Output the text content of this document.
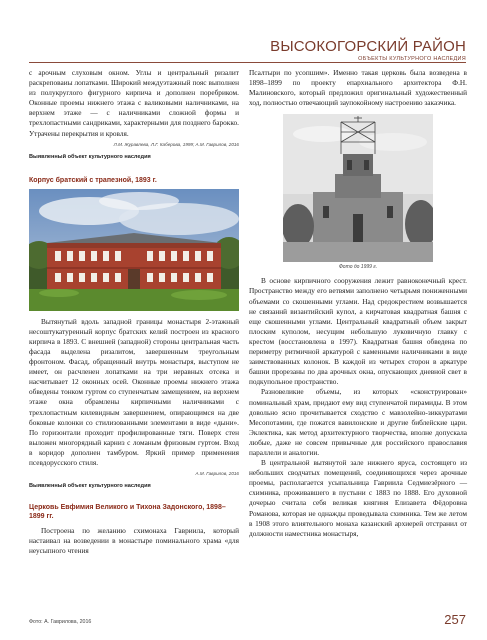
ВЫСОКОГОРСКИЙ РАЙОН
ОБЪЕКТЫ КУЛЬТУРНОГО НАСЛЕДИЯ

с арочным слуховым окном. Углы и центральный ризалит раскреповаиы лопатками. Широкий междуэтажный пояс выполнен из полукруглого фигурного кирпича и дополнен поребриком. Оконные проемы нижнего этажа с валиковыми наличниками, на верхнем этаже — с наличниками сложной формы и трехлопастными сандриками, характерными для позднего барокко. Утрачены перекрытия и кровля.

Л.М. Журавлева, Л.Г. Каберова, 1999; А.М. Гаврилов, 2016
Выявленный объект культурного наследия
Корпус братский с трапезной, 1893 г.

Вытянутый вдоль западной границы монастыря 2-этажный несоштукатуренный корпус братских келий построен из красного кирпича в 1893. С внешней (западной) стороны центральная часть фасада выделена ризалитом, завершенным треугольным фронтоном. Фасад, обращенный внутрь монастыря, выступом не имеет, он расчленен лопатками на три неравных отсека и насчитывает 12 оконных осей. Оконные проемы нижнего этажа обведены тонком гуртом со ступенчатым замещением, на верхнем этаже окна обрамлены кирпичными наличниками с трехлопастным килевидным завершением, опирающимся на две боковые колонки со стилизованными элементами в виде «дыни». По горизонтали проходит профилированные тяги. Поверх стен выложен многорядный карниз с ломаным фризовым гуртом. Вход в коридор дополнен тамбуром. Яркий пример применения псевдорусского стиля.

А.М. Гаврилов, 2016
Выявленный объект культурного наследия
Церковь Евфимия Великого и Тихона Задонского, 1898–1899 гг.

Построена по желанию схимонаха Гавриила, который настаивал на возведении в монастыре поминального храма «для неусыпного чтения

Псалтыри по усопшим». Именно такая церковь была возведена в 1898–1899 по проекту епархиального архитектора Ф.Н. Малиновского, который предложил оригинальный художественный ход, полностью отвечающий заупокойному настроению заказчика.

Фото до 1999 г.

В основе кирпичного сооружения лежит равноконечный крест. Пространство между его ветвями заполнено четырьмя пониженными объемами со скошенными углами. Над средокрестием возвышается не связаннй византийский купол, а кирчатовая квадратная башня с еще скошенными углами. Центральный квадратный объем закрыт плоским куполом, несущим небольшую луковичную главку с крестом (восстановлена в 1997). Квадратная башня обведена по периметру ритмичной аркатурой с каменными наличниками в виде заимствованных колонок. В каждой из четырех сторон в аркатуре башни прорезаны по два арочных окна, опускающих дневной свет в подкупольное пространство.

Разновеликие объемы, из которых «сконструирован» поминальный храм, придают ему вид ступенчатой пирамиды. В этом довольно ясно прочитывается сходство с мавзолейно-зиккуратами Месопотамии, где пожатся вавилонские и другие библейские цари. Эклектика, как метод архитектурного творчества, вполне допускала любые, даже не совсем привычные для российского православия параллели и аналогии.

В центральной вытянутой зале нижнего яруса, состоящего из небольших сводчатых помещений, соединяющихся через арочные проемы, располагается усыпальница Гавриила Седмиезёрного — схимника, проживавшего в пустыни с 1883 по 1888. Его духовной дочерью считала себя великая княгиня Елизавета Фёдоровна Романова, которая не однажды проведывала схимника. Тем же летом в 1908 этого влиятельного монаха казанский архиерей отстранил от должности наместника монастыря,

Фото: А. Гаврилова, 2016	257
